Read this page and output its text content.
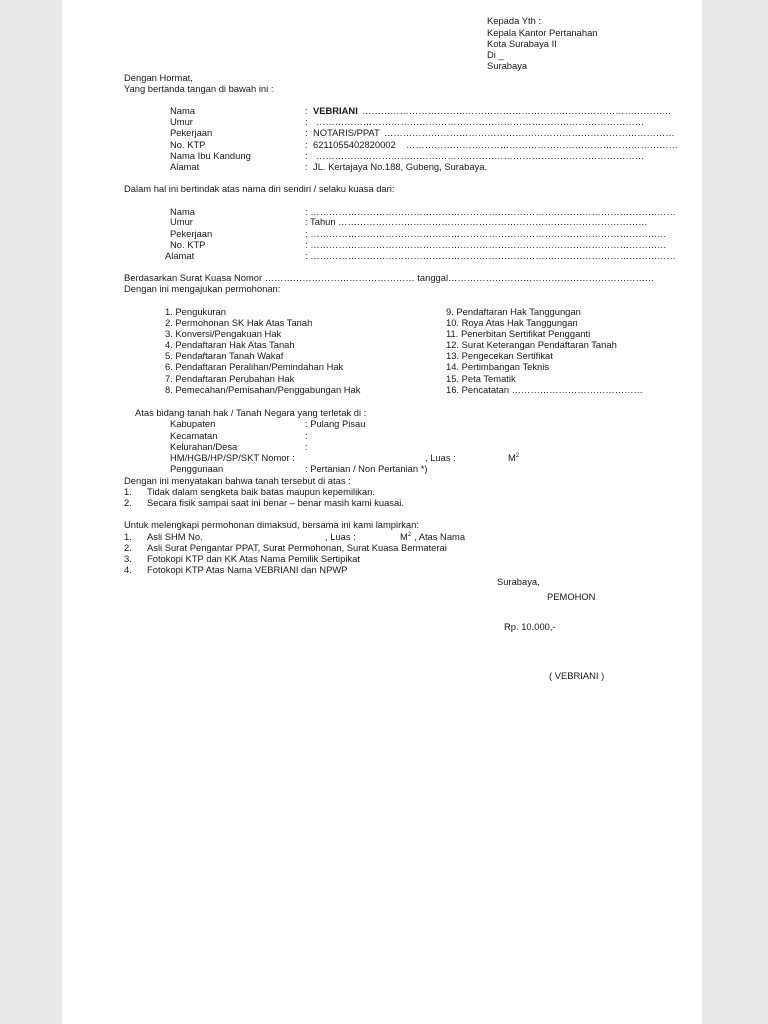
Kepada Yth :
Kepala Kantor Pertanahan
Kota Surabaya II
Di _
Surabaya
Dengan Hormat,
Yang bertanda tangan di bawah ini :
Nama	: VEBRIANI ………………………………………………………………………………………
Umur	: ……………………………………………………………………………………………
Pekerjaan	: NOTARIS/PPAT …………………………………………………………………………………
No. KTP	: 6211055402820002 ……………………………………………………………………………
Nama Ibu Kandung	: ……………………………………………………………………………………………
Alamat	: JL. Kertajaya No.188, Gubeng, Surabaya.
Dalam hal ini bertindak atas nama diri sendiri / selaku kuasa dari:
Nama	: ………………………………………………………………………………………………………
Umur	: Tahun ………………………………………………………………………………………
Pekerjaan	: ……………………………………………………………………………………………………
No. KTP	: ……………………………………………………………………………………………………
Alamat	: ………………………………………………………………………………………………………
Berdasarkan Surat Kuasa Nomor ………………………………………… tanggal…………………………………………………………
Dengan ini mengajukan permohonan:
1. Pengukuran
2. Permohonan SK Hak Atas Tanah
3. Konversi/Pengakuan Hak
4. Pendaftaran Hak Atas Tanah
5. Pendaftaran Tanah Wakaf
6. Pendaftaran Peralihan/Pemindahan Hak
7. Pendaftaran Perubahan Hak
8. Pemecahan/Pemisahan/Penggabungan Hak
9. Pendaftaran Hak Tanggungan
10. Roya Atas Hak Tanggungan
11. Penerbitan Sertifikat Pengganti
12. Surat Keterangan Pendaftaran Tanah
13. Pengecekan Sertifikat
14. Pertimbangan Teknis
15. Peta Tematik
16. Pencatatan ……………………………………
Atas bidang tanah hak / Tanah Negara yang terletak di :
Kabupaten	: Pulang Pisau
Kecamatan	:
Kelurahan/Desa	:
HM/HGB/HP/SP/SKT Nomor :	, Luas :	$M^2$
Penggunaan	: Pertanian / Non Pertanian *)
Dengan ini menyatakan bahwa tanah tersebut di atas :
1. Tidak dalam sengketa baik batas maupun kepemilikan.
2. Secara fisik sampai saat ini benar – benar masih kami kuasai.
Untuk melengkapi permohonan dimaksud, bersama ini kami lampirkan:
1. Asli SHM No.	, Luas :	$M^2$ , Atas Nama
2. Asli Surat Pengantar PPAT, Surat Permohonan, Surat Kuasa Bermaterai
3. Fotokopi KTP dan KK Atas Nama Pemilik Sertipikat
4. Fotokopi KTP Atas Nama VEBRIANI dan NPWP
Surabaya,
PEMOHON
Rp. 10.000,-
( VEBRIANI )
